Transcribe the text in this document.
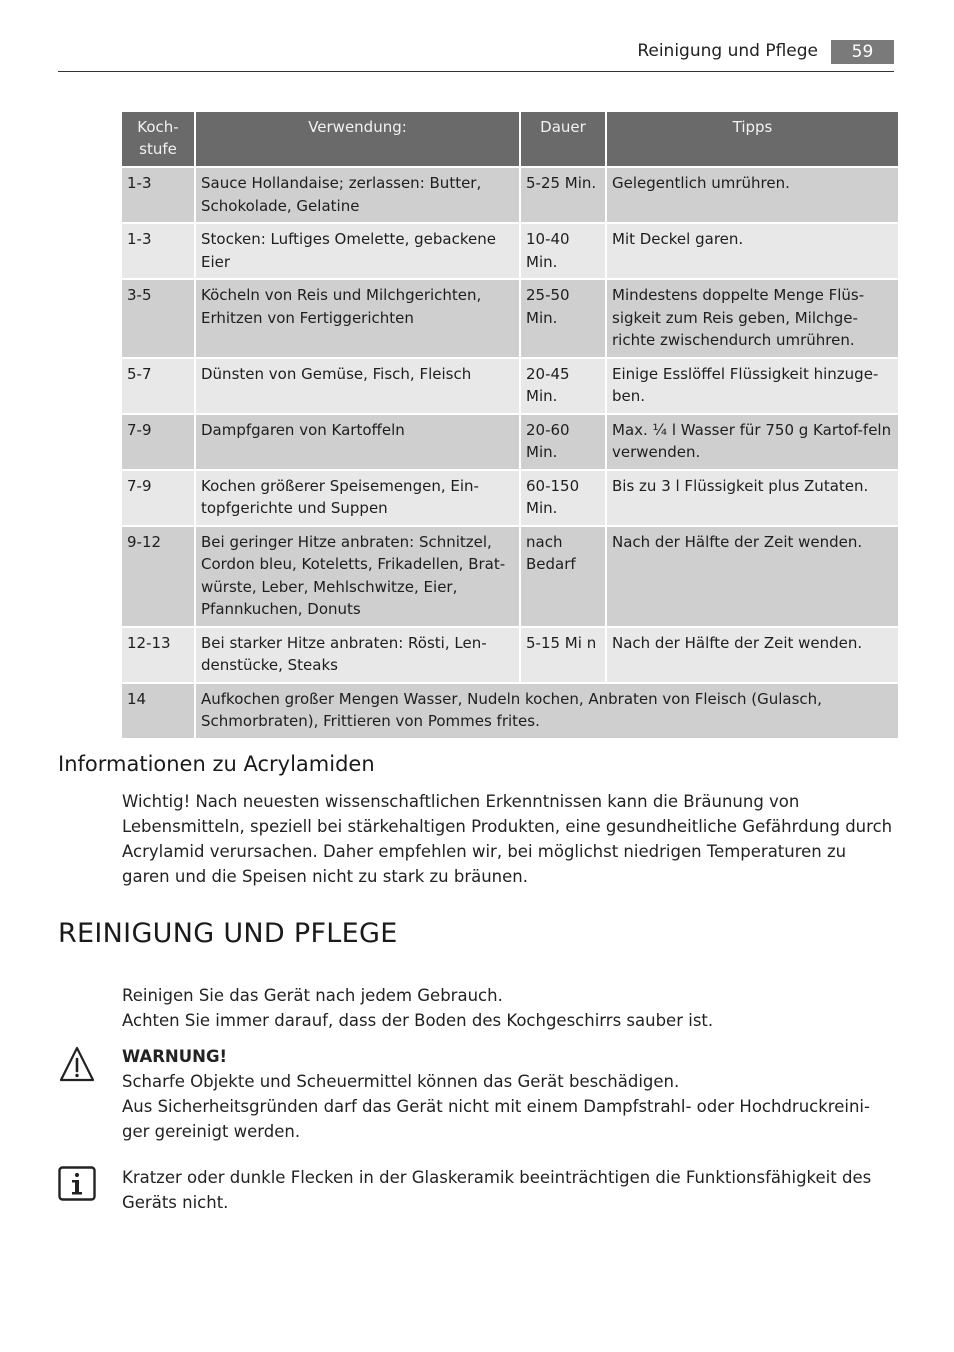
Reinigung und Pflege	59
Koch-
stufe	Verwendung:	Dauer	Tipps
1-3	Sauce Hollandaise; zerlassen: Butter, Schokolade, Gelatine	5-25 Min.	Gelegentlich umrühren.
1-3	Stocken: Luftiges Omelette, gebackene Eier	10-40 Min.	Mit Deckel garen.
3-5	Köcheln von Reis und Milchgerichten, Erhitzen von Fertiggerichten	25-50 Min.	Mindestens doppelte Menge Flüs-sigkeit zum Reis geben, Milchge-richte zwischendurch umrühren.
5-7	Dünsten von Gemüse, Fisch, Fleisch	20-45 Min.	Einige Esslöffel Flüssigkeit hinzuge-ben.
7-9	Dampfgaren von Kartoffeln	20-60 Min.	Max. ¼ l Wasser für 750 g Kartof-feln verwenden.
7-9	Kochen größerer Speisemengen, Ein-topfgerichte und Suppen	60-150 Min.	Bis zu 3 l Flüssigkeit plus Zutaten.
9-12	Bei geringer Hitze anbraten: Schnitzel, Cordon bleu, Koteletts, Frikadellen, Brat-würste, Leber, Mehlschwitze, Eier, Pfannkuchen, Donuts	nach Bedarf	Nach der Hälfte der Zeit wenden.
12-13	Bei starker Hitze anbraten: Rösti, Len-denstücke, Steaks	5-15 Mi n	Nach der Hälfte der Zeit wenden.
14	Aufkochen großer Mengen Wasser, Nudeln kochen, Anbraten von Fleisch (Gulasch, Schmorbraten), Frittieren von Pommes frites.		
Informationen zu Acrylamiden

Wichtig! Nach neuesten wissenschaftlichen Erkenntnissen kann die Bräunung von Lebensmitteln, speziell bei stärkehaltigen Produkten, eine gesundheitliche Gefährdung durch Acrylamid verursachen. Daher empfehlen wir, bei möglichst niedrigen Temperaturen zu garen und die Speisen nicht zu stark zu bräunen.

REINIGUNG UND PFLEGE

Reinigen Sie das Gerät nach jedem Gebrauch.
Achten Sie immer darauf, dass der Boden des Kochgeschirrs sauber ist.

WARNUNG!
Scharfe Objekte und Scheuermittel können das Gerät beschädigen.
Aus Sicherheitsgründen darf das Gerät nicht mit einem Dampfstrahl- oder Hochdruckreini-ger gereinigt werden.

Kratzer oder dunkle Flecken in der Glaskeramik beeinträchtigen die Funktionsfähigkeit des Geräts nicht.
